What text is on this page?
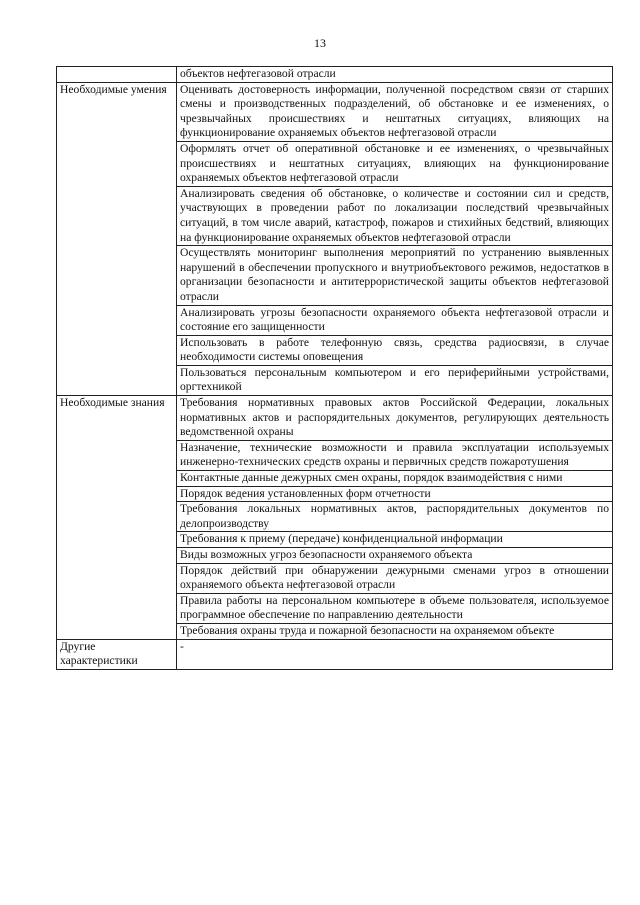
13
	объектов нефтегазовой отрасли
Необходимые умения	Оценивать достоверность информации, полученной посредством связи от старших смены и производственных подразделений, об обстановке и ее изменениях, о чрезвычайных происшествиях и нештатных ситуациях, влияющих на функционирование охраняемых объектов нефтегазовой отрасли
	Оформлять отчет об оперативной обстановке и ее изменениях, о чрезвычайных происшествиях и нештатных ситуациях, влияющих на функционирование охраняемых объектов нефтегазовой отрасли
	Анализировать сведения об обстановке, о количестве и состоянии сил и средств, участвующих в проведении работ по локализации последствий чрезвычайных ситуаций, в том числе аварий, катастроф, пожаров и стихийных бедствий, влияющих на функционирование охраняемых объектов нефтегазовой отрасли
	Осуществлять мониторинг выполнения мероприятий по устранению выявленных нарушений в обеспечении пропускного и внутриобъектового режимов, недостатков в организации безопасности и антитеррористической защиты объектов нефтегазовой отрасли
	Анализировать угрозы безопасности охраняемого объекта нефтегазовой отрасли и состояние его защищенности
	Использовать в работе телефонную связь, средства радиосвязи, в случае необходимости системы оповещения
	Пользоваться персональным компьютером и его периферийными устройствами, оргтехникой
Необходимые знания	Требования нормативных правовых актов Российской Федерации, локальных нормативных актов и распорядительных документов, регулирующих деятельность ведомственной охраны
	Назначение, технические возможности и правила эксплуатации используемых инженерно-технических средств охраны и первичных средств пожаротушения
	Контактные данные дежурных смен охраны, порядок взаимодействия с ними
	Порядок ведения установленных форм отчетности
	Требования локальных нормативных актов, распорядительных документов по делопроизводству
	Требования к приему (передаче) конфиденциальной информации
	Виды возможных угроз безопасности охраняемого объекта
	Порядок действий при обнаружении дежурными сменами угроз в отношении охраняемого объекта нефтегазовой отрасли
	Правила работы на персональном компьютере в объеме пользователя, используемое программное обеспечение по направлению деятельности
	Требования охраны труда и пожарной безопасности на охраняемом объекте
Другие характеристики	-
